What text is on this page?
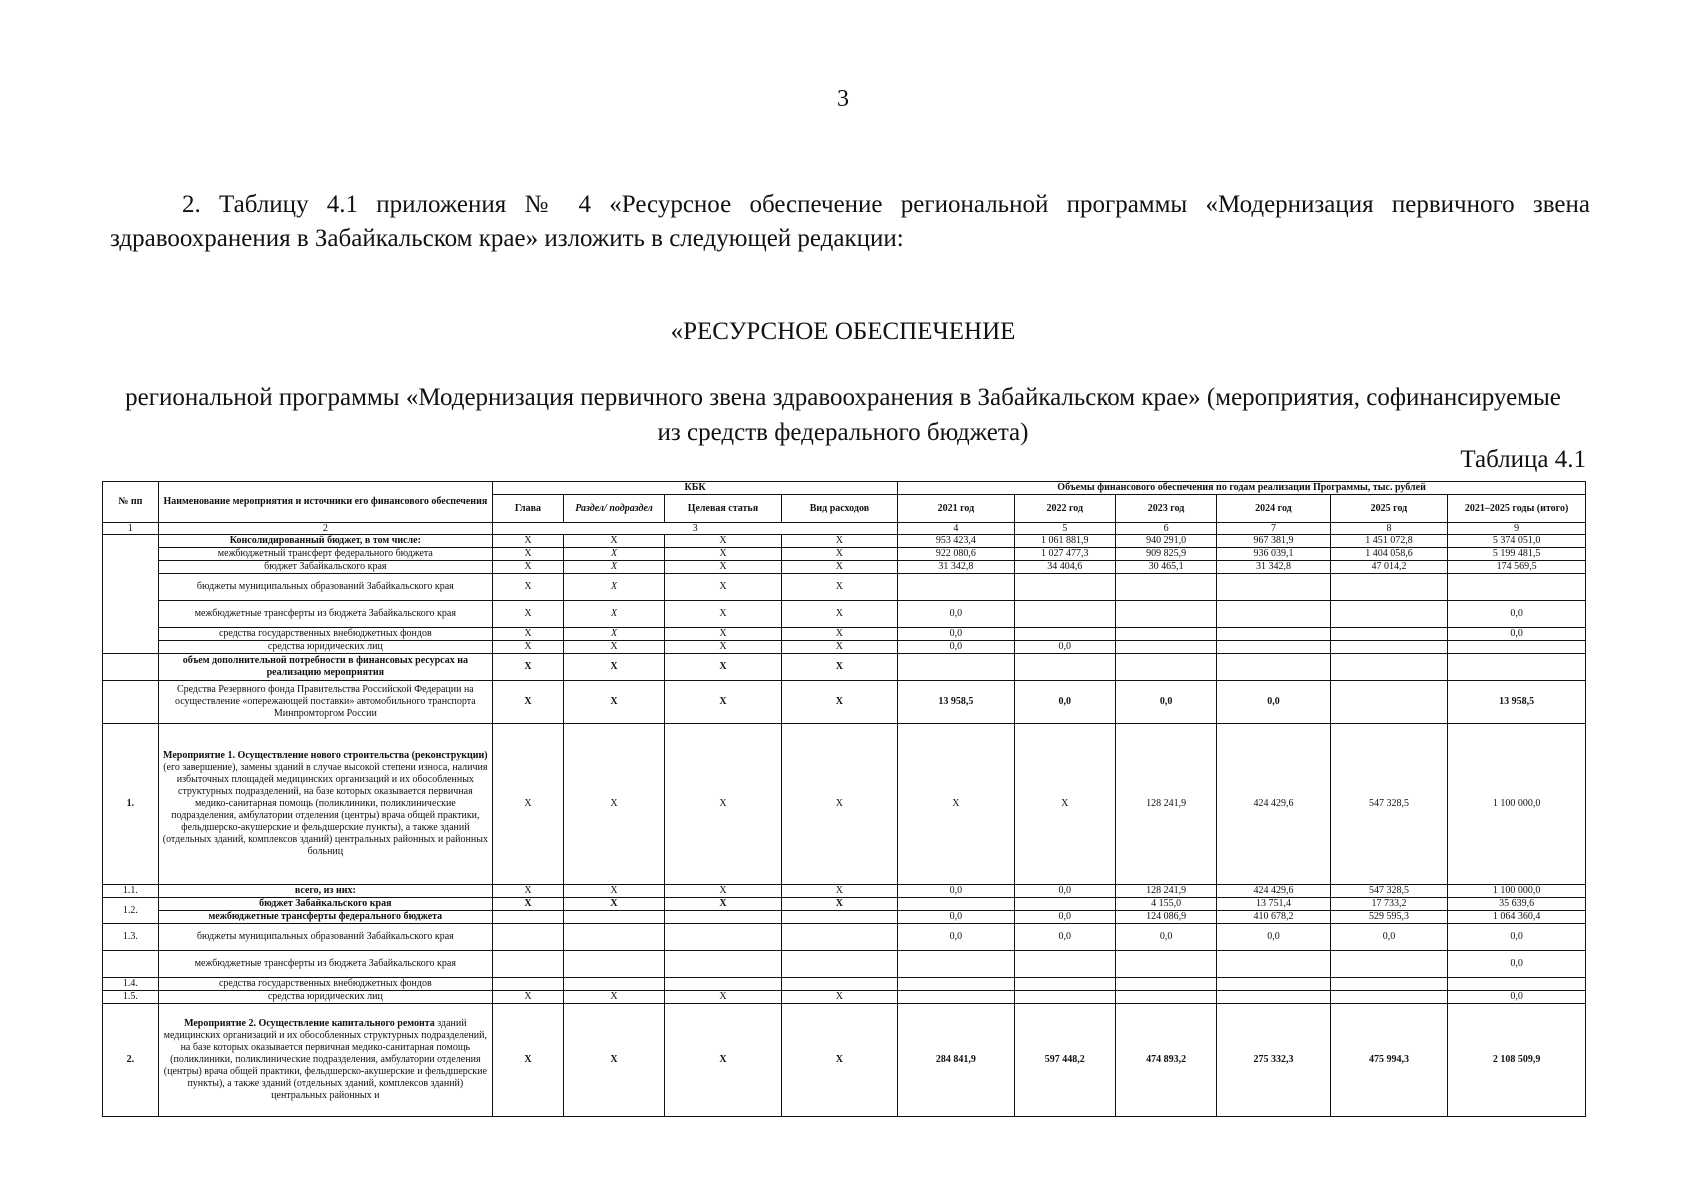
3
2. Таблицу 4.1 приложения № 4 «Ресурсное обеспечение региональной программы «Модернизация первичного звена здравоохранения в Забайкальском крае» изложить в следующей редакции:
«РЕСУРСНОЕ ОБЕСПЕЧЕНИЕ
региональной программы «Модернизация первичного звена здравоохранения в Забайкальском крае» (мероприятия, софинансируемые из средств федерального бюджета)
Таблица 4.1
№ пп	Наименование мероприятия и источники его финансового обеспечения	КБК				Объемы финансового обеспечения по годам реализации Программы, тыс. рублей					
		Глава	Раздел/ подраздел	Целевая статья	Вид расходов	2021 год	2022 год	2023 год	2024 год	2025 год	2021–2025 годы (итого)
1	2	3				4	5	6	7	8	9
	Консолидированный бюджет, в том числе:	X	X	X	X	953 423,4	1 061 881,9	940 291,0	967 381,9	1 451 072,8	5 374 051,0
	межбюджетный трансферт федерального бюджета	X	X	X	X	922 080,6	1 027 477,3	909 825,9	936 039,1	1 404 058,6	5 199 481,5
	бюджет Забайкальского края	X	X	X	X	31 342,8	34 404,6	30 465,1	31 342,8	47 014,2	174 569,5
	бюджеты муниципальных образований Забайкальского края	X	X	X	X						
	межбюджетные трансферты из бюджета Забайкальского края	X	X	X	X	0,0					0,0
	средства государственных внебюджетных фондов	X	X	X	X	0,0					0,0
	средства юридических лиц	X	X	X	X	0,0	0,0				
	объем дополнительной потребности в финансовых ресурсах на реализацию мероприятия	X	X	X	X						
	Средства Резервного фонда Правительства Российской Федерации на осуществление «опережающей поставки» автомобильного транспорта Минпромторгом России	X	X	X	X	13 958,5	0,0	0,0	0,0		13 958,5
1.	Мероприятие 1. Осуществление нового строительства (реконструкции) (его завершение), замены зданий в случае высокой степени износа, наличия избыточных площадей медицинских организаций и их обособленных структурных подразделений, на базе которых оказывается первичная медико-санитарная помощь (поликлиники, поликлинические подразделения, амбулатории отделения (центры) врача общей практики, фельдшерско-акушерские и фельдшерские пункты), а также зданий (отдельных зданий, комплексов зданий) центральных районных и районных больниц	X	X	X	X	X	X	128 241,9	424 429,6	547 328,5	1 100 000,0
1.1.	всего, из них:	X	X	X	X	0,0	0,0	128 241,9	424 429,6	547 328,5	1 100 000,0
1.2.	бюджет Забайкальского края	X	X	X	X			4 155,0	13 751,4	17 733,2	35 639,6
	межбюджетные трансферты федерального бюджета					0,0	0,0	124 086,9	410 678,2	529 595,3	1 064 360,4
1.3.	бюджеты муниципальных образований Забайкальского края					0,0	0,0	0,0	0,0	0,0	0,0
	межбюджетные трансферты из бюджета Забайкальского края										0,0
1.4.	средства государственных внебюджетных фондов										
1.5.	средства юридических лиц	X	X	X	X						0,0
2.	Мероприятие 2. Осуществление капитального ремонта зданий медицинских организаций и их обособленных структурных подразделений, на базе которых оказывается первичная медико-санитарная помощь (поликлиники, поликлинические подразделения, амбулатории отделения (центры) врача общей практики, фельдшерско-акушерские и фельдшерские пункты), а также зданий (отдельных зданий, комплексов зданий) центральных районных и	X	X	X	X	284 841,9	597 448,2	474 893,2	275 332,3	475 994,3	2 108 509,9
